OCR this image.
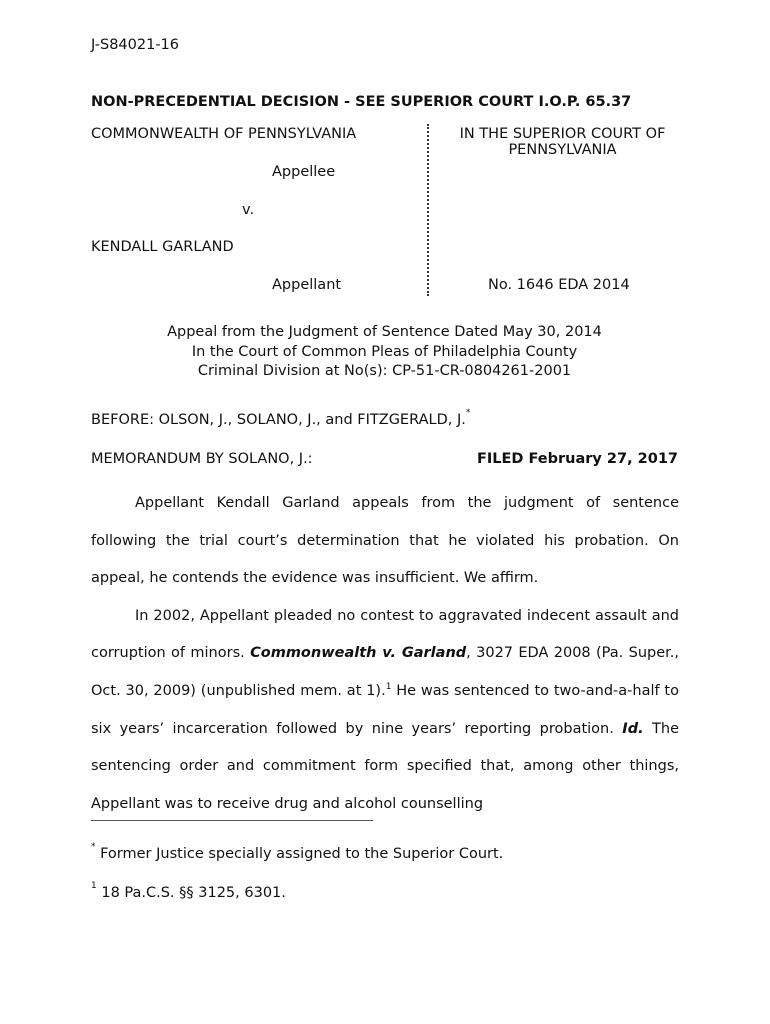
J-S84021-16
NON-PRECEDENTIAL DECISION - SEE SUPERIOR COURT I.O.P. 65.37
COMMONWEALTH OF PENNSYLVANIA
Appellee
v.
KENDALL GARLAND
Appellant
IN THE SUPERIOR COURT OF PENNSYLVANIA
No. 1646 EDA 2014
Appeal from the Judgment of Sentence Dated May 30, 2014
In the Court of Common Pleas of Philadelphia County
Criminal Division at No(s): CP-51-CR-0804261-2001
BEFORE: OLSON, J., SOLANO, J., and FITZGERALD, J.*
MEMORANDUM BY SOLANO, J.:	FILED February 27, 2017

Appellant Kendall Garland appeals from the judgment of sentence following the trial court’s determination that he violated his probation. On appeal, he contends the evidence was insufficient. We affirm.

In 2002, Appellant pleaded no contest to aggravated indecent assault and corruption of minors. Commonwealth v. Garland, 3027 EDA 2008 (Pa. Super., Oct. 30, 2009) (unpublished mem. at 1).$^1$ He was sentenced to two-and-a-half to six years’ incarceration followed by nine years’ reporting probation. Id. The sentencing order and commitment form specified that, among other things, Appellant was to receive drug and alcohol counselling

* Former Justice specially assigned to the Superior Court.
$^1$ 18 Pa.C.S. §§ 3125, 6301.
